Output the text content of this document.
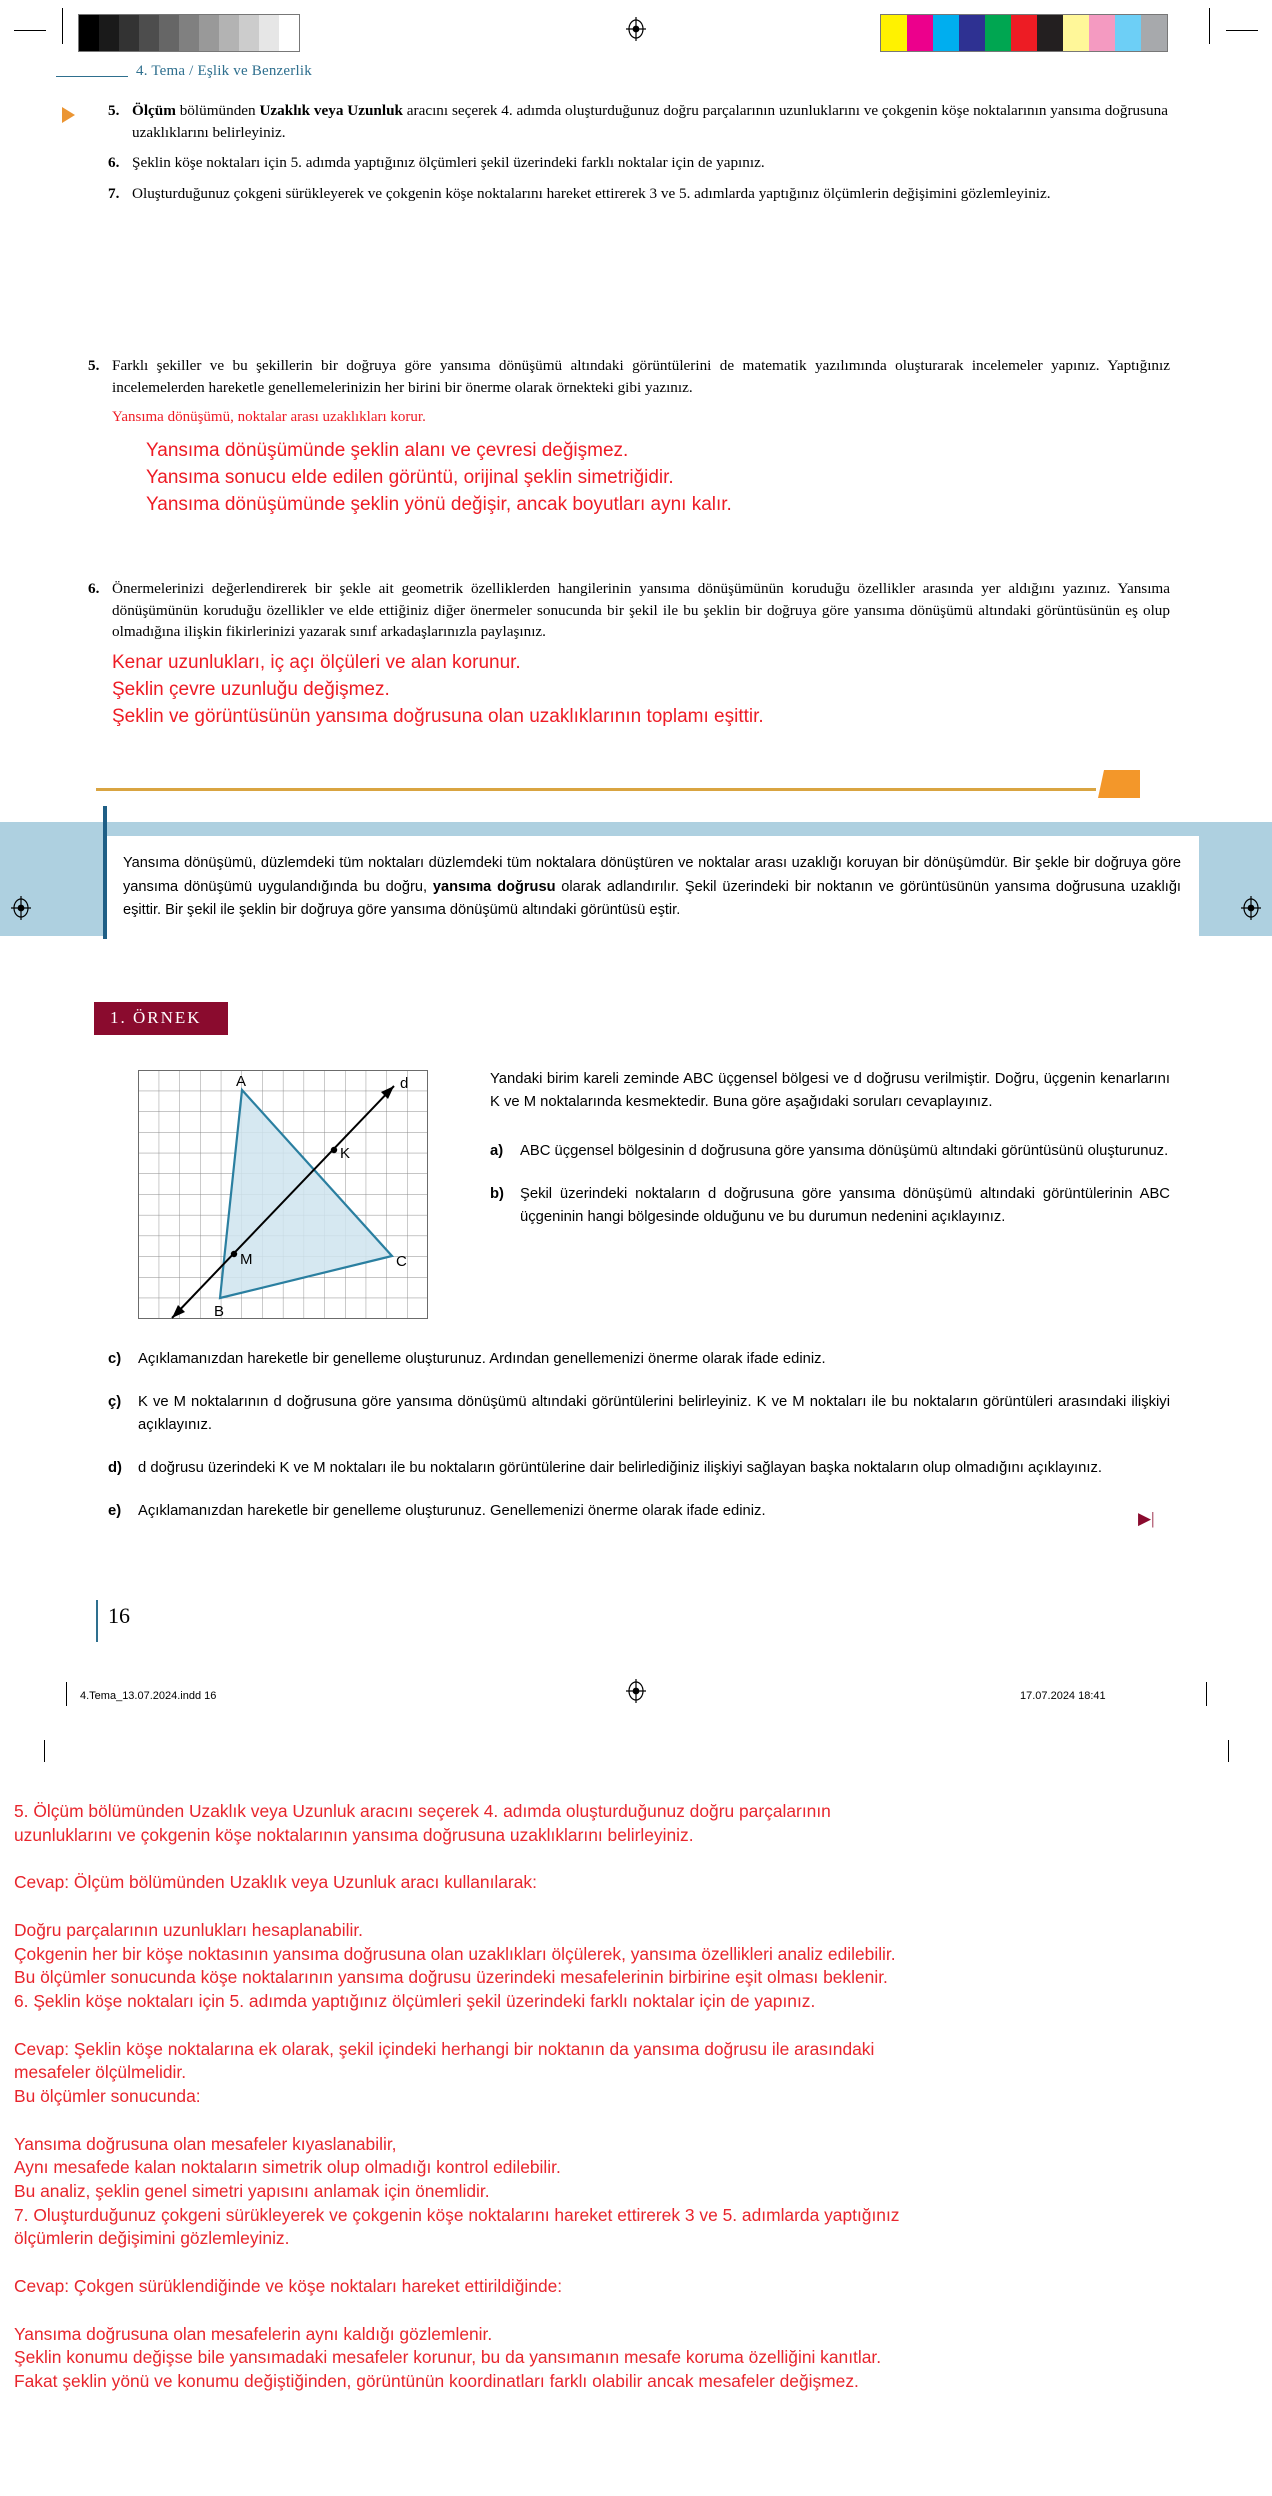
4. Tema / Eşlik ve Benzerlik
5. Ölçüm bölümünden Uzaklık veya Uzunluk aracını seçerek 4. adımda oluşturduğunuz doğru parçalarının uzunluklarını ve çokgenin köşe noktalarının yansıma doğrusuna uzaklıklarını belirleyiniz.
6. Şeklin köşe noktaları için 5. adımda yaptığınız ölçümleri şekil üzerindeki farklı noktalar için de yapınız.
7. Oluşturduğunuz çokgeni sürükleyerek ve çokgenin köşe noktalarını hareket ettirerek 3 ve 5. adımlarda yaptığınız ölçümlerin değişimini gözlemleyiniz.
5. Farklı şekiller ve bu şekillerin bir doğruya göre yansıma dönüşümü altındaki görüntülerini de matematik yazılımında oluşturarak incelemeler yapınız. Yaptığınız incelemelerden hareketle genellemelerinizin her birini bir önerme olarak örnekteki gibi yazınız.
Yansıma dönüşümü, noktalar arası uzaklıkları korur.
Yansıma dönüşümünde şeklin alanı ve çevresi değişmez.
Yansıma sonucu elde edilen görüntü, orijinal şeklin simetriğidir.
Yansıma dönüşümünde şeklin yönü değişir, ancak boyutları aynı kalır.
6. Önermelerinizi değerlendirerek bir şekle ait geometrik özelliklerden hangilerinin yansıma dönüşümünün koruduğu özellikler arasında yer aldığını yazınız. Yansıma dönüşümünün koruduğu özellikler ve elde ettiğiniz diğer önermeler sonucunda bir şekil ile bu şeklin bir doğruya göre yansıma dönüşümü altındaki görüntüsünün eş olup olmadığına ilişkin fikirlerinizi yazarak sınıf arkadaşlarınızla paylaşınız.
Kenar uzunlukları, iç açı ölçüleri ve alan korunur.
Şeklin çevre uzunluğu değişmez.
Şeklin ve görüntüsünün yansıma doğrusuna olan uzaklıklarının toplamı eşittir.

Yansıma dönüşümü, düzlemdeki tüm noktaları düzlemdeki tüm noktalara dönüştüren ve noktalar arası uzaklığı koruyan bir dönüşümdür. Bir şekle bir doğruya göre yansıma dönüşümü uygulandığında bu doğru, yansıma doğrusu olarak adlandırılır. Şekil üzerindeki bir noktanın ve görüntüsünün yansıma doğrusuna uzaklığı eşittir. Bir şekil ile şeklin bir doğruya göre yansıma dönüşümü altındaki görüntüsü eştir.

1. ÖRNEK
A
B
C
K
M
d	Yandaki birim kareli zeminde ABC üçgensel bölgesi ve d doğrusu verilmiştir. Doğru, üçgenin kenarlarını K ve M noktalarında kesmektedir. Buna göre aşağıdaki soruları cevaplayınız.

a)	ABC üçgensel bölgesinin d doğrusuna göre yansıma dönüşümü altındaki görüntüsünü oluşturunuz.
b)	Şekil üzerindeki noktaların d doğrusuna göre yansıma dönüşümü altındaki görüntülerinin ABC üçgeninin hangi bölgesinde olduğunu ve bu durumun nedenini açıklayınız.
c)	Açıklamanızdan hareketle bir genelleme oluşturunuz. Ardından genellemenizi önerme olarak ifade ediniz.
ç)	K ve M noktalarının d doğrusuna göre yansıma dönüşümü altındaki görüntülerini belirleyiniz. K ve M noktaları ile bu noktaların görüntüleri arasındaki ilişkiyi açıklayınız.
d)	d doğrusu üzerindeki K ve M noktaları ile bu noktaların görüntülerine dair belirlediğiniz ilişkiyi sağlayan başka noktaların olup olmadığını açıklayınız.
e)	Açıklamanızdan hareketle bir genelleme oluşturunuz. Genellemenizi önerme olarak ifade ediniz.	▶|
16
4.Tema_13.07.2024.indd 16	17.07.2024 18:41

5. Ölçüm bölümünden Uzaklık veya Uzunluk aracını seçerek 4. adımda oluşturduğunuz doğru parçalarının

uzunluklarını ve çokgenin köşe noktalarının yansıma doğrusuna uzaklıklarını belirleyiniz.

Cevap: Ölçüm bölümünden Uzaklık veya Uzunluk aracı kullanılarak:

Doğru parçalarının uzunlukları hesaplanabilir.

Çokgenin her bir köşe noktasının yansıma doğrusuna olan uzaklıkları ölçülerek, yansıma özellikleri analiz edilebilir.

Bu ölçümler sonucunda köşe noktalarının yansıma doğrusu üzerindeki mesafelerinin birbirine eşit olması beklenir.

6. Şeklin köşe noktaları için 5. adımda yaptığınız ölçümleri şekil üzerindeki farklı noktalar için de yapınız.

Cevap: Şeklin köşe noktalarına ek olarak, şekil içindeki herhangi bir noktanın da yansıma doğrusu ile arasındaki

mesafeler ölçülmelidir.

Bu ölçümler sonucunda:

Yansıma doğrusuna olan mesafeler kıyaslanabilir,

Aynı mesafede kalan noktaların simetrik olup olmadığı kontrol edilebilir.

Bu analiz, şeklin genel simetri yapısını anlamak için önemlidir.

7. Oluşturduğunuz çokgeni sürükleyerek ve çokgenin köşe noktalarını hareket ettirerek 3 ve 5. adımlarda yaptığınız

ölçümlerin değişimini gözlemleyiniz.

Cevap: Çokgen sürüklendiğinde ve köşe noktaları hareket ettirildiğinde:

Yansıma doğrusuna olan mesafelerin aynı kaldığı gözlemlenir.

Şeklin konumu değişse bile yansımadaki mesafeler korunur, bu da yansımanın mesafe koruma özelliğini kanıtlar.

Fakat şeklin yönü ve konumu değiştiğinden, görüntünün koordinatları farklı olabilir ancak mesafeler değişmez.
